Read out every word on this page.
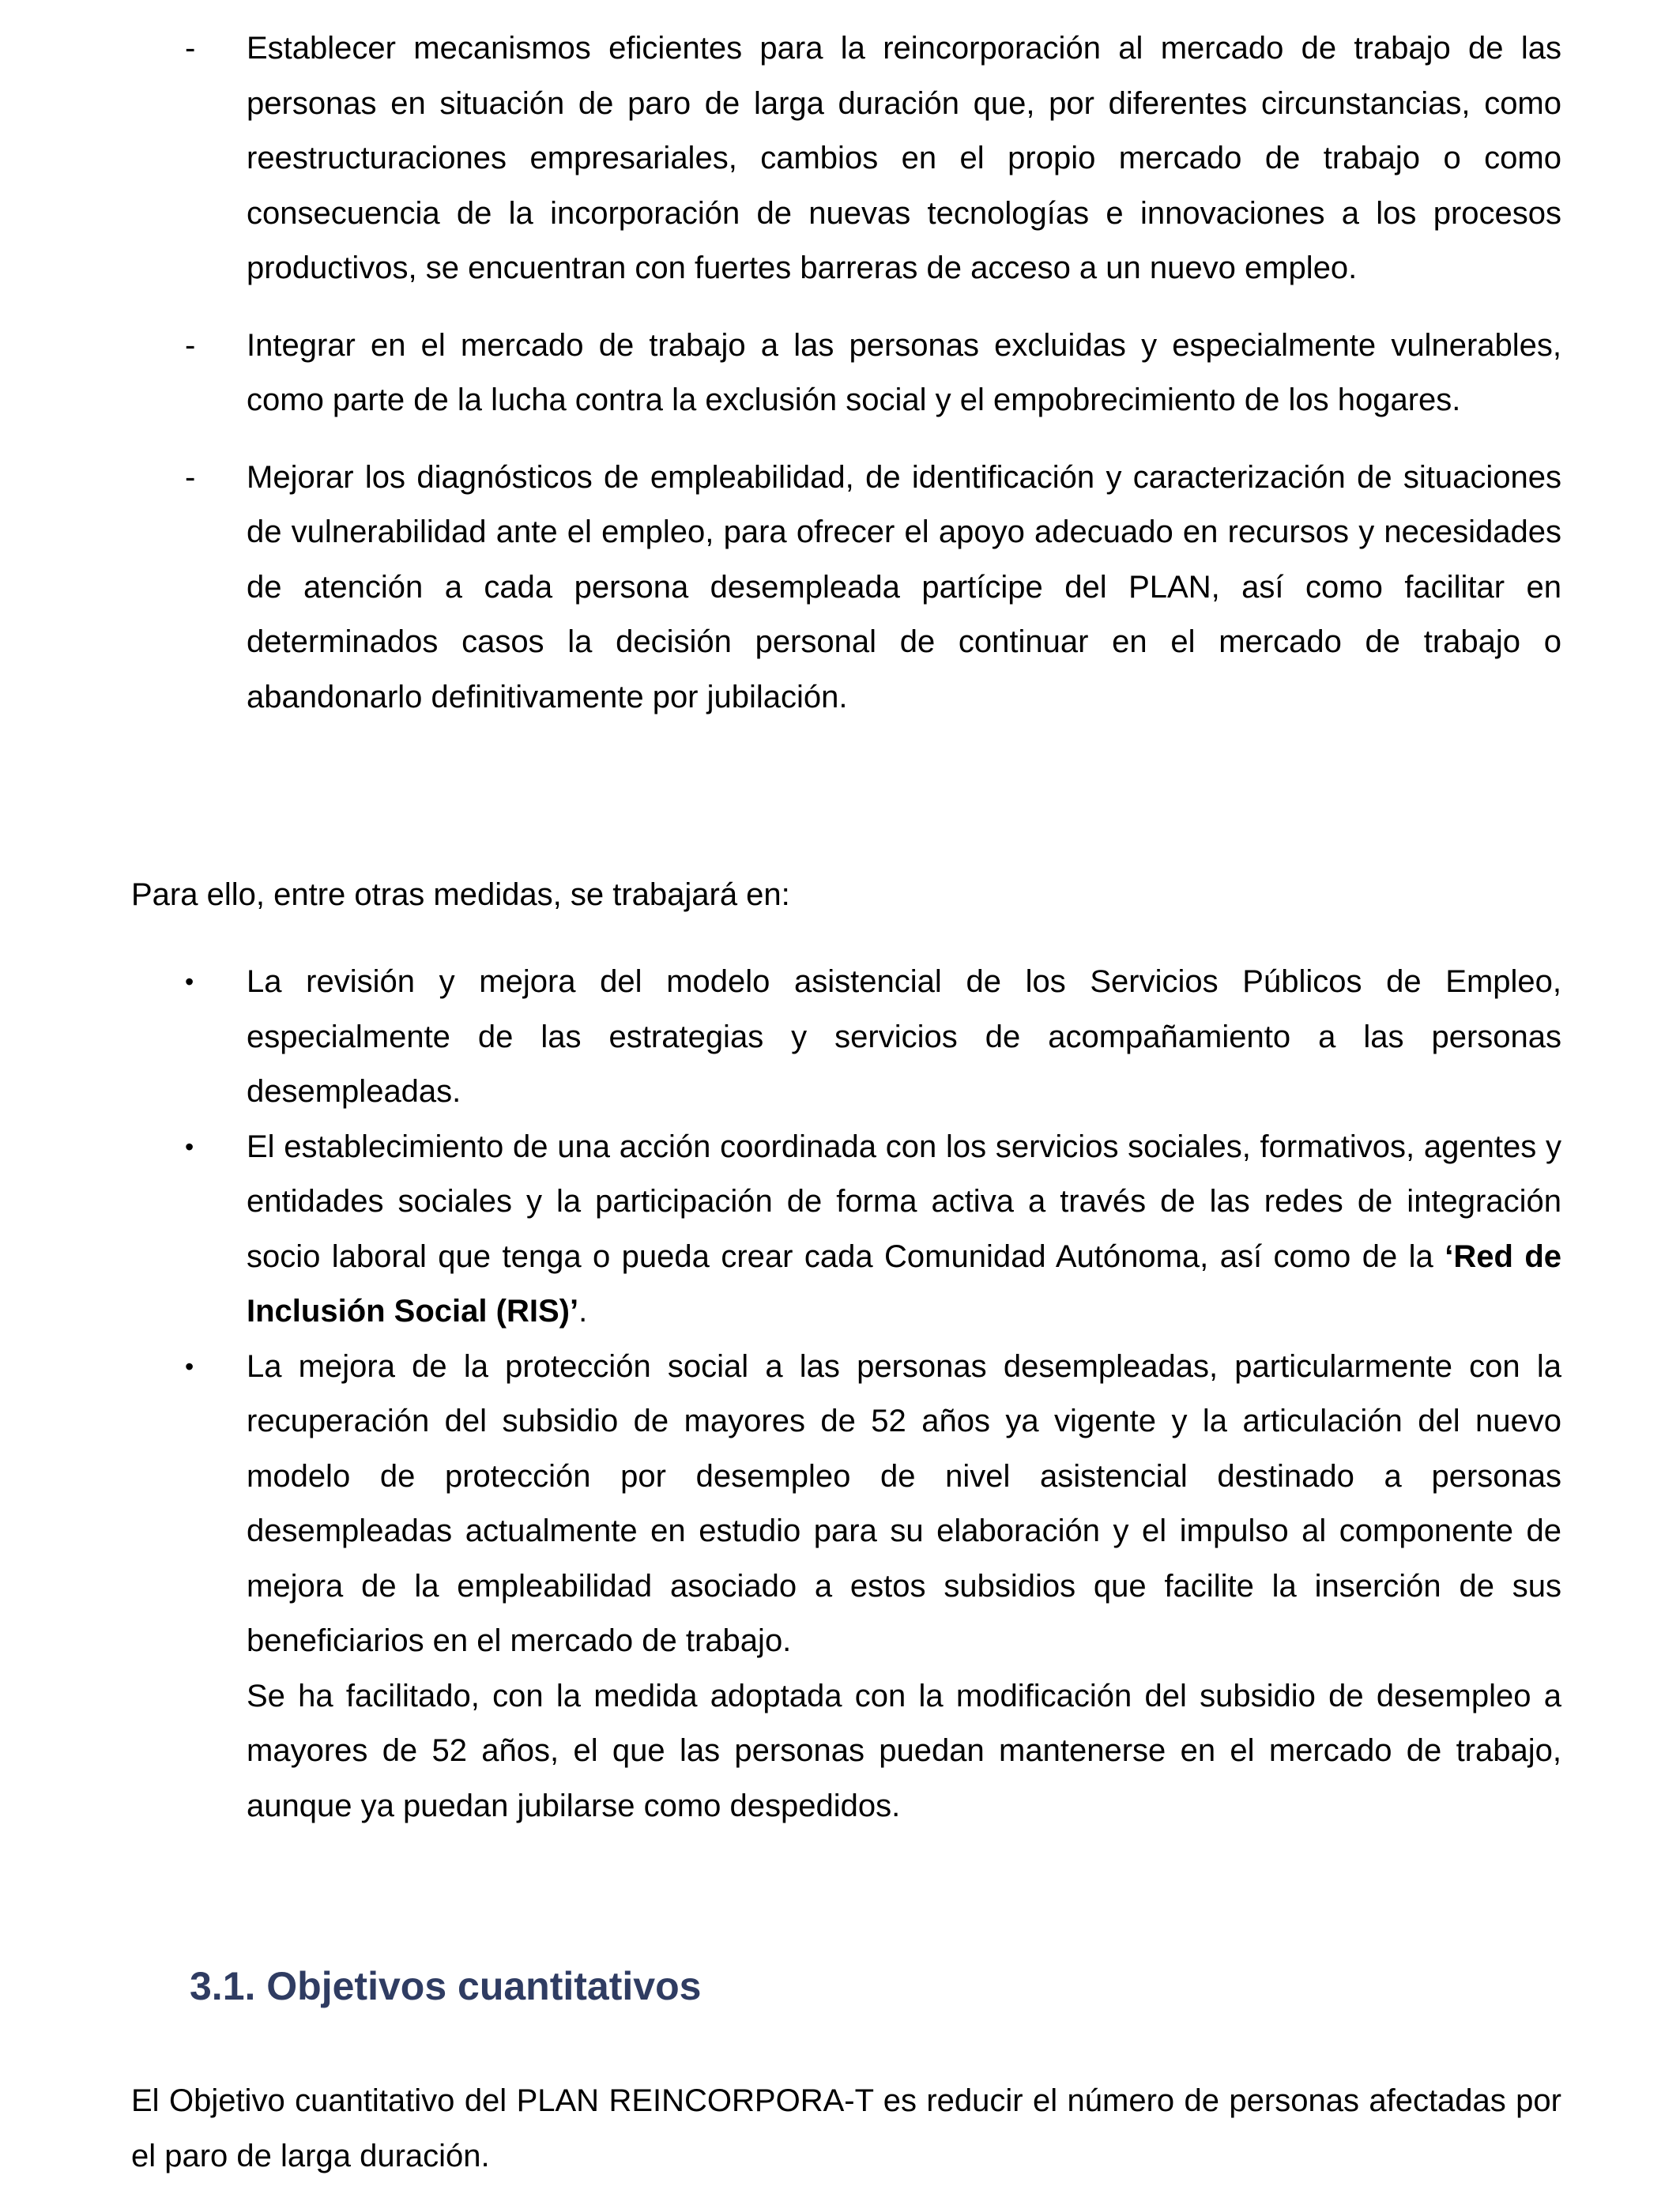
-	Establecer mecanismos eficientes para la reincorporación al mercado de trabajo de las personas en situación de paro de larga duración que, por diferentes circunstancias, como reestructuraciones empresariales, cambios en el propio mercado de trabajo o como consecuencia de la incorporación de nuevas tecnologías e innovaciones a los procesos productivos, se encuentran con fuertes barreras de acceso a un nuevo empleo.
-	Integrar en el mercado de trabajo a las personas excluidas y especialmente vulnerables, como parte de la lucha contra la exclusión social y el empobrecimiento de los hogares.
-	Mejorar los diagnósticos de empleabilidad, de identificación y caracterización de situaciones de vulnerabilidad ante el empleo, para ofrecer el apoyo adecuado en recursos y necesidades de atención a cada persona desempleada partícipe del PLAN, así como facilitar en determinados casos la decisión personal de continuar en el mercado de trabajo o abandonarlo definitivamente por jubilación.

Para ello, entre otras medidas, se trabajará en:

•	La revisión y mejora del modelo asistencial de los Servicios Públicos de Empleo, especialmente de las estrategias y servicios de acompañamiento a las personas desempleadas.
•	El establecimiento de una acción coordinada con los servicios sociales, formativos, agentes y entidades sociales y la participación de forma activa a través de las redes de integración socio laboral que tenga o pueda crear cada Comunidad Autónoma, así como de la ‘Red de Inclusión Social (RIS)’.
•	La mejora de la protección social a las personas desempleadas, particularmente con la recuperación del subsidio de mayores de 52 años ya vigente y la articulación del nuevo modelo de protección por desempleo de nivel asistencial destinado a personas desempleadas actualmente en estudio para su elaboración y el impulso al componente de mejora de la empleabilidad asociado a estos subsidios que facilite la inserción de sus beneficiarios en el mercado de trabajo.
Se ha facilitado, con la medida adoptada con la modificación del subsidio de desempleo a mayores de 52 años, el que las personas puedan mantenerse en el mercado de trabajo, aunque ya puedan jubilarse como despedidos.
3.1. Objetivos cuantitativos

El Objetivo cuantitativo del PLAN REINCORPORA-T es reducir el número de personas afectadas por el paro de larga duración.
